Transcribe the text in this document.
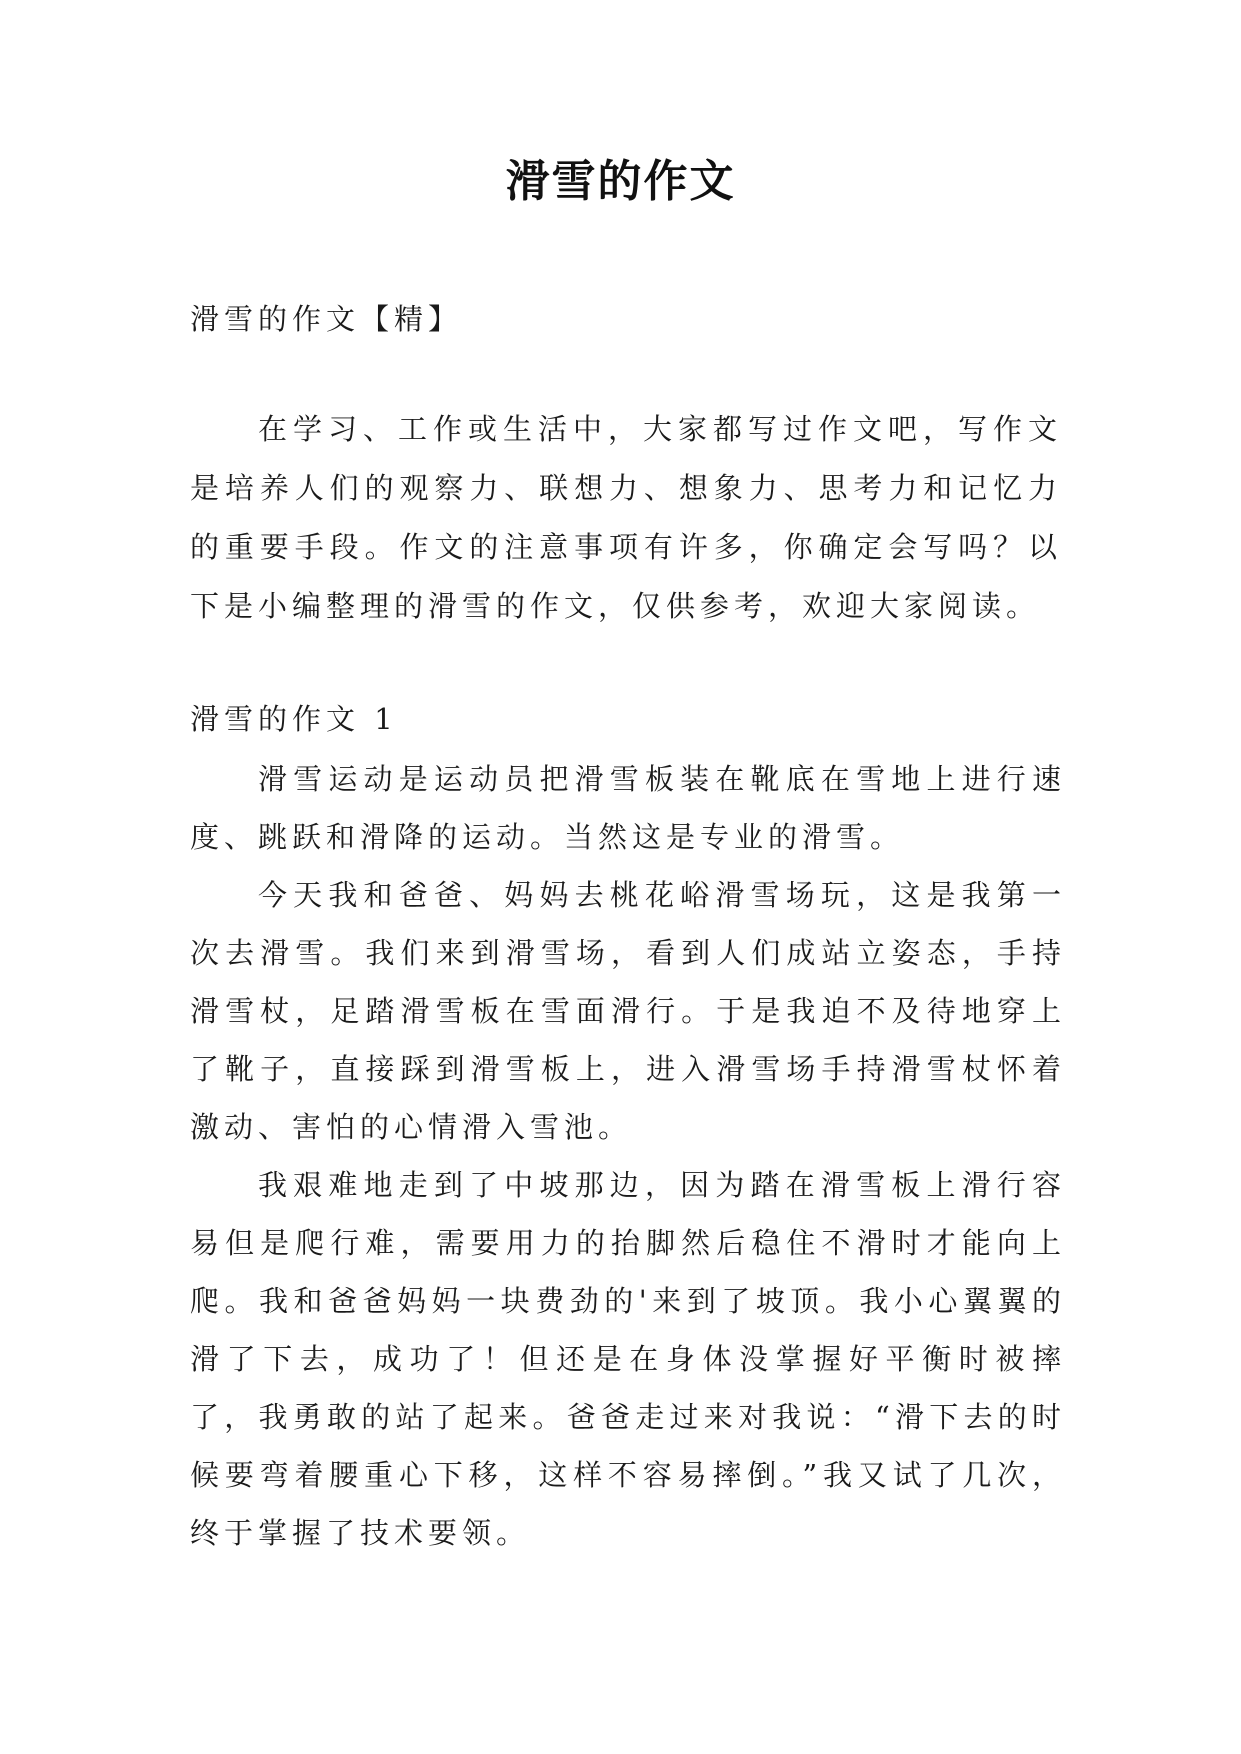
滑雪的作文

滑雪的作文【精】

在学习、工作或生活中，大家都写过作文吧，写作文是培养人们的观察力、联想力、想象力、思考力和记忆力的重要手段。作文的注意事项有许多，你确定会写吗？以下是小编整理的滑雪的作文，仅供参考，欢迎大家阅读。

滑雪的作文 1

滑雪运动是运动员把滑雪板装在靴底在雪地上进行速度、跳跃和滑降的运动。当然这是专业的滑雪。

今天我和爸爸、妈妈去桃花峪滑雪场玩，这是我第一次去滑雪。我们来到滑雪场，看到人们成站立姿态，手持滑雪杖，足踏滑雪板在雪面滑行。于是我迫不及待地穿上了靴子，直接踩到滑雪板上，进入滑雪场手持滑雪杖怀着激动、害怕的心情滑入雪池。

我艰难地走到了中坡那边，因为踏在滑雪板上滑行容易但是爬行难，需要用力的抬脚然后稳住不滑时才能向上爬。我和爸爸妈妈一块费劲的'来到了坡顶。我小心翼翼的滑了下去，成功了！但还是在身体没掌握好平衡时被摔了，我勇敢的站了起来。爸爸走过来对我说：“滑下去的时候要弯着腰重心下移，这样不容易摔倒。”我又试了几次，终于掌握了技术要领。
